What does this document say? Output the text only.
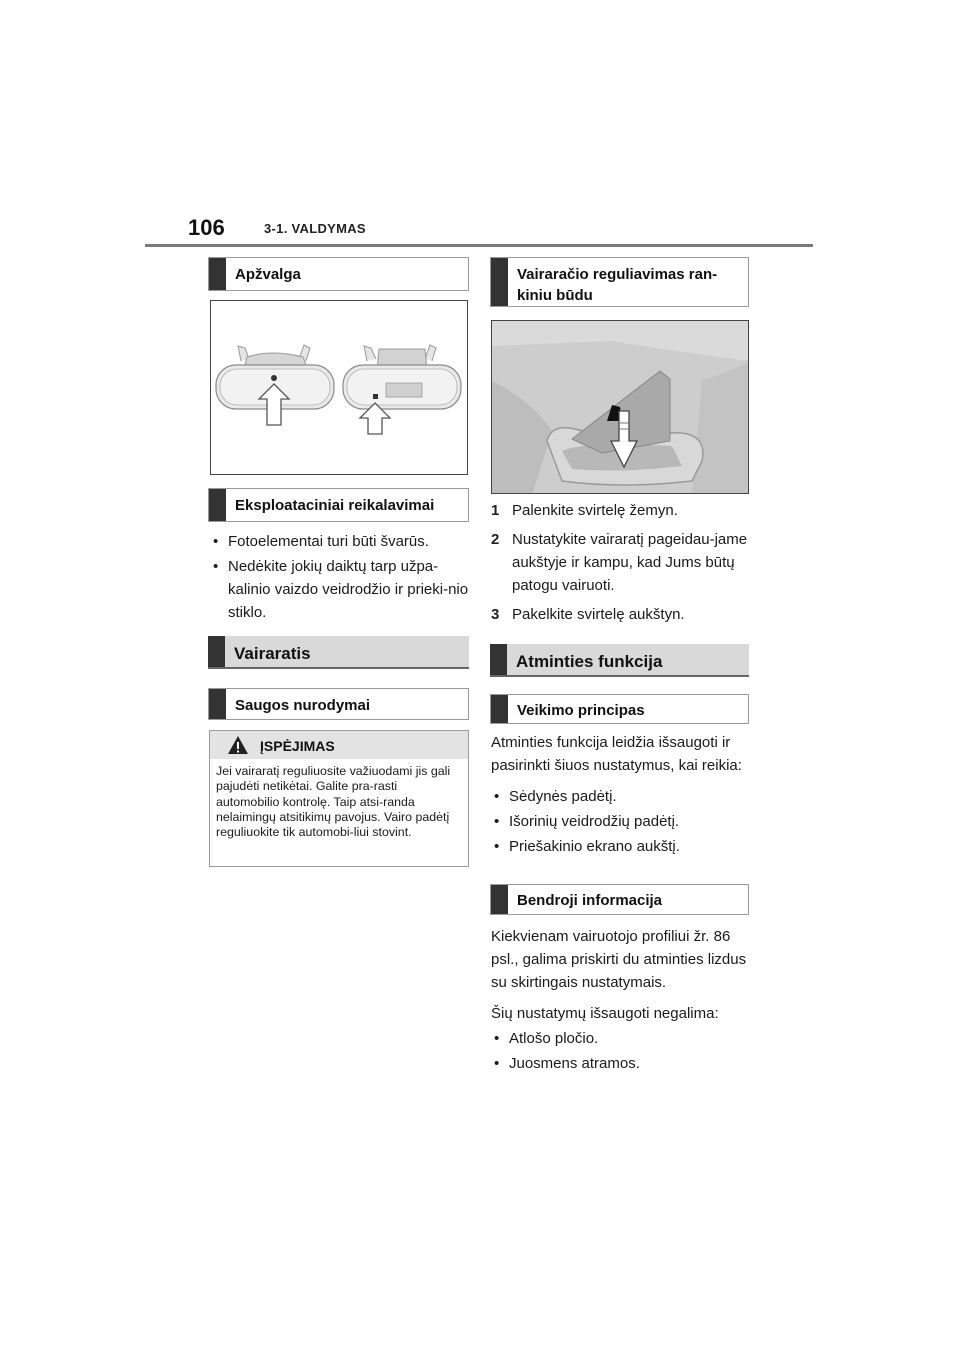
106	3-1. VALDYMAS
Apžvalga
Eksploataciniai reikalavimai
• Fotoelementai turi būti švarūs.
• Nedėkite jokių daiktų tarp užpa-kalinio vaizdo veidrodžio ir prieki-nio stiklo.
Vairaratis
Saugos nurodymai
ĮSPĖJIMAS
Jei vairaratį reguliuosite važiuodami jis gali pajudėti netikėtai. Galite pra-rasti automobilio kontrolę. Taip atsi-randa nelaimingų atsitikimų pavojus. Vairo padėtį reguliuokite tik automobi-liui stovint.
Vairaračio reguliavimas ran-kiniu būdu
1 Palenkite svirtelę žemyn.
2 Nustatykite vairaratį pageidau-jame aukštyje ir kampu, kad Jums būtų patogu vairuoti.
3 Pakelkite svirtelę aukštyn.
Atminties funkcija
Veikimo principas

Atminties funkcija leidžia išsaugoti ir pasirinkti šiuos nustatymus, kai reikia:

• Sėdynės padėtį.
• Išorinių veidrodžių padėtį.
• Priešakinio ekrano aukštį.
Bendroji informacija

Kiekvienam vairuotojo profiliui žr. 86 psl., galima priskirti du atminties lizdus su skirtingais nustatymais.

Šių nustatymų išsaugoti negalima:

• Atlošo pločio.
• Juosmens atramos.
